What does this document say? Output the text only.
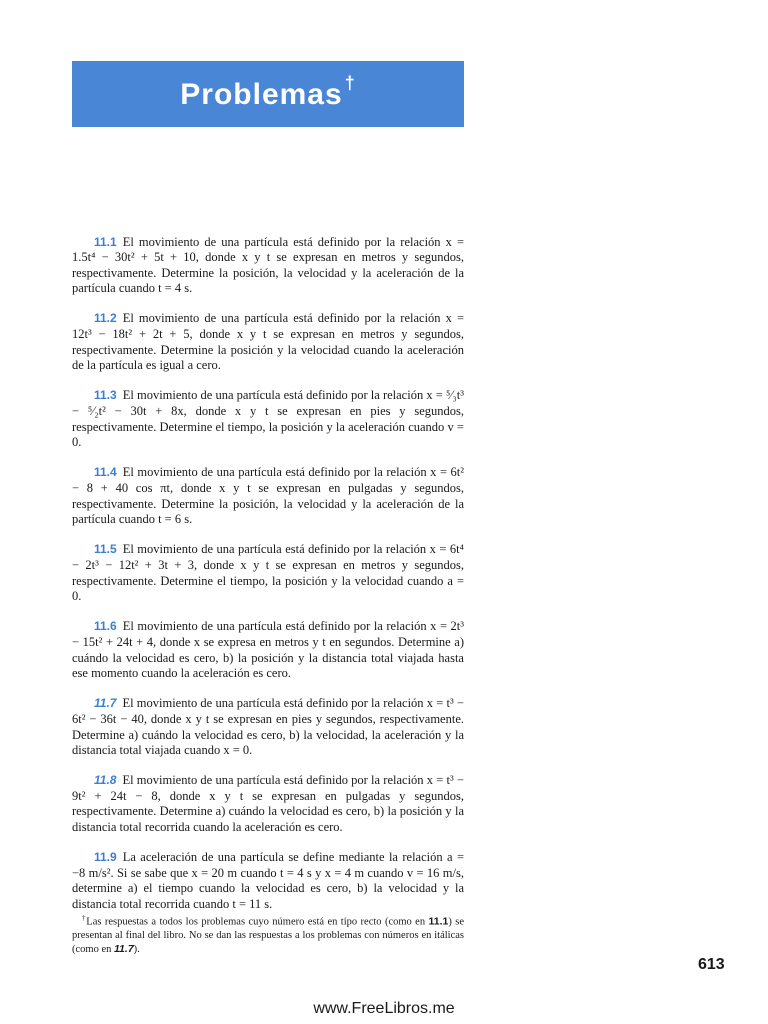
Problemas †

11.1 El movimiento de una partícula está definido por la relación x = 1.5t⁴ − 30t² + 5t + 10, donde x y t se expresan en metros y segundos, respectivamente. Determine la posición, la velocidad y la aceleración de la partícula cuando t = 4 s.

11.2 El movimiento de una partícula está definido por la relación x = 12t³ − 18t² + 2t + 5, donde x y t se expresan en metros y segundos, respectivamente. Determine la posición y la velocidad cuando la aceleración de la partícula es igual a cero.

11.3 El movimiento de una partícula está definido por la relación x = ⁵⁄₃t³ − ⁵⁄₂t² − 30t + 8x, donde x y t se expresan en pies y segundos, respectivamente. Determine el tiempo, la posición y la aceleración cuando v = 0.

11.4 El movimiento de una partícula está definido por la relación x = 6t² − 8 + 40 cos πt, donde x y t se expresan en pulgadas y segundos, respectivamente. Determine la posición, la velocidad y la aceleración de la partícula cuando t = 6 s.

11.5 El movimiento de una partícula está definido por la relación x = 6t⁴ − 2t³ − 12t² + 3t + 3, donde x y t se expresan en metros y segundos, respectivamente. Determine el tiempo, la posición y la velocidad cuando a = 0.

11.6 El movimiento de una partícula está definido por la relación x = 2t³ − 15t² + 24t + 4, donde x se expresa en metros y t en segundos. Determine a) cuándo la velocidad es cero, b) la posición y la distancia total viajada hasta ese momento cuando la aceleración es cero.

11.7 El movimiento de una partícula está definido por la relación x = t³ − 6t² − 36t − 40, donde x y t se expresan en pies y segundos, respectivamente. Determine a) cuándo la velocidad es cero, b) la velocidad, la aceleración y la distancia total viajada cuando x = 0.

11.8 El movimiento de una partícula está definido por la relación x = t³ − 9t² + 24t − 8, donde x y t se expresan en pulgadas y segundos, respectivamente. Determine a) cuándo la velocidad es cero, b) la posición y la distancia total recorrida cuando la aceleración es cero.

11.9 La aceleración de una partícula se define mediante la relación a = −8 m/s². Si se sabe que x = 20 m cuando t = 4 s y x = 4 m cuando v = 16 m/s, determine a) el tiempo cuando la velocidad es cero, b) la velocidad y la distancia total recorrida cuando t = 11 s.

†Las respuestas a todos los problemas cuyo número está en tipo recto (como en 11.1) se presentan al final del libro. No se dan las respuestas a los problemas con números en itálicas (como en 11.7).
613
www.FreeLibros.me
